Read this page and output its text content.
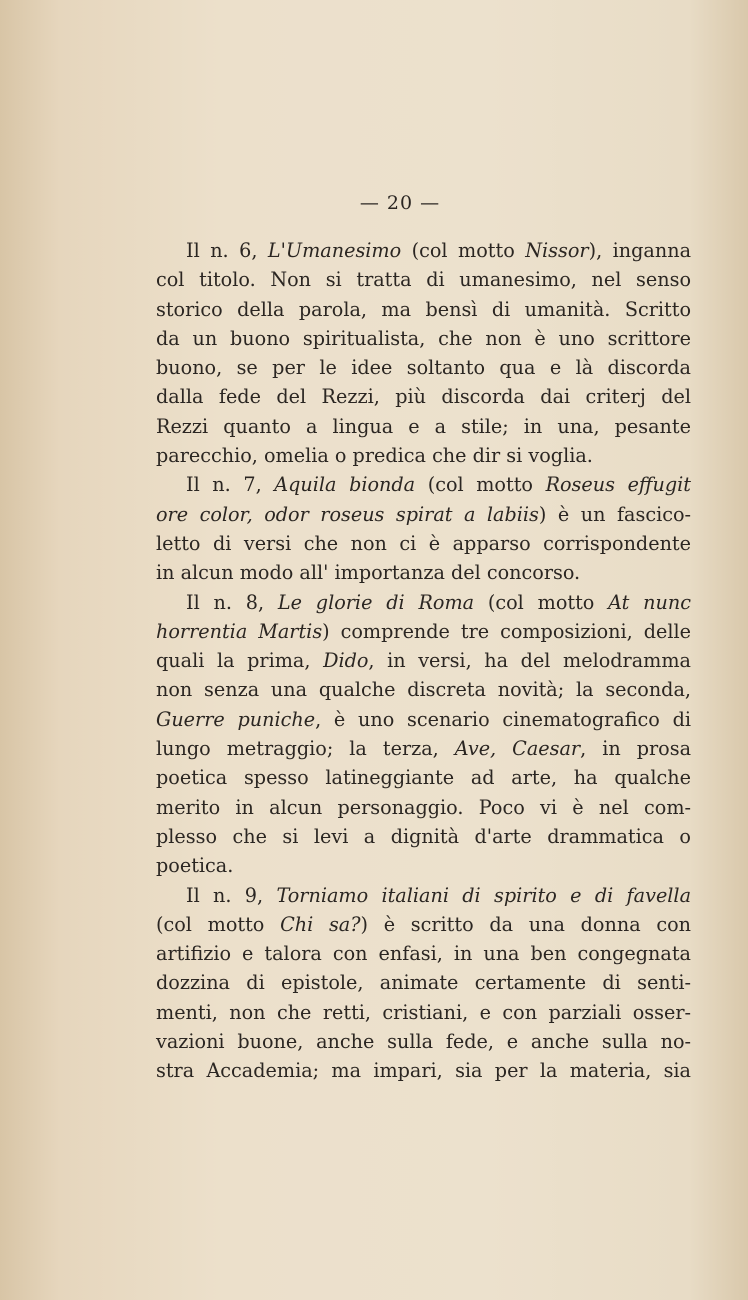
— 20 —
Il n. 6, L'Umanesimo (col motto Nissor), inganna
col titolo. Non si tratta di umanesimo, nel senso
storico della parola, ma bensì di umanità. Scritto
da un buono spiritualista, che non è uno scrittore
buono, se per le idee soltanto qua e là discorda
dalla fede del Rezzi, più discorda dai criterj del
Rezzi quanto a lingua e a stile; in una, pesante
parecchio, omelia o predica che dir si voglia.
Il n. 7, Aquila bionda (col motto Roseus effugit
ore color, odor roseus spirat a labiis) è un fascico-
letto di versi che non ci è apparso corrispondente
in alcun modo all' importanza del concorso.
Il n. 8, Le glorie di Roma (col motto At nunc
horrentia Martis) comprende tre composizioni, delle
quali la prima, Dido, in versi, ha del melodramma
non senza una qualche discreta novità; la seconda,
Guerre puniche, è uno scenario cinematografico di
lungo metraggio; la terza, Ave, Caesar, in prosa
poetica spesso latineggiante ad arte, ha qualche
merito in alcun personaggio. Poco vi è nel com-
plesso che si levi a dignità d'arte drammatica o
poetica.
Il n. 9, Torniamo italiani di spirito e di favella
(col motto Chi sa?) è scritto da una donna con
artifizio e talora con enfasi, in una ben congegnata
dozzina di epistole, animate certamente di senti-
menti, non che retti, cristiani, e con parziali osser-
vazioni buone, anche sulla fede, e anche sulla no-
stra Accademia; ma impari, sia per la materia, sia
